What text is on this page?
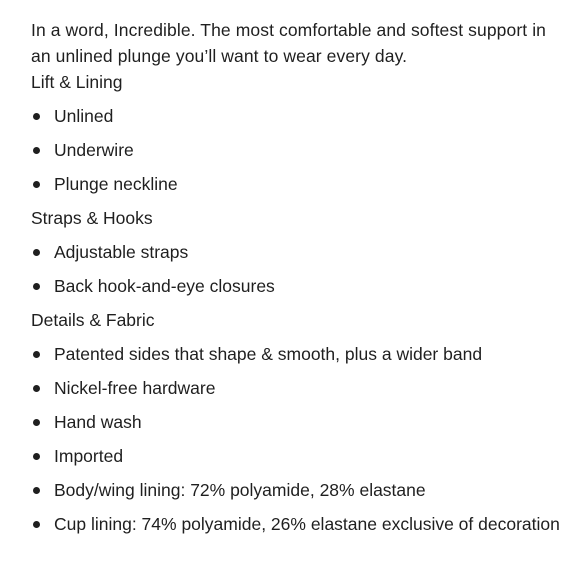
In a word, Incredible. The most comfortable and softest support in an unlined plunge you’ll want to wear every day.

Lift & Lining
Unlined
Underwire
Plunge neckline
Straps & Hooks
Adjustable straps
Back hook-and-eye closures
Details & Fabric
Patented sides that shape & smooth, plus a wider band
Nickel-free hardware
Hand wash
Imported
Body/wing lining: 72% polyamide, 28% elastane
Cup lining: 74% polyamide, 26% elastane exclusive of decoration
